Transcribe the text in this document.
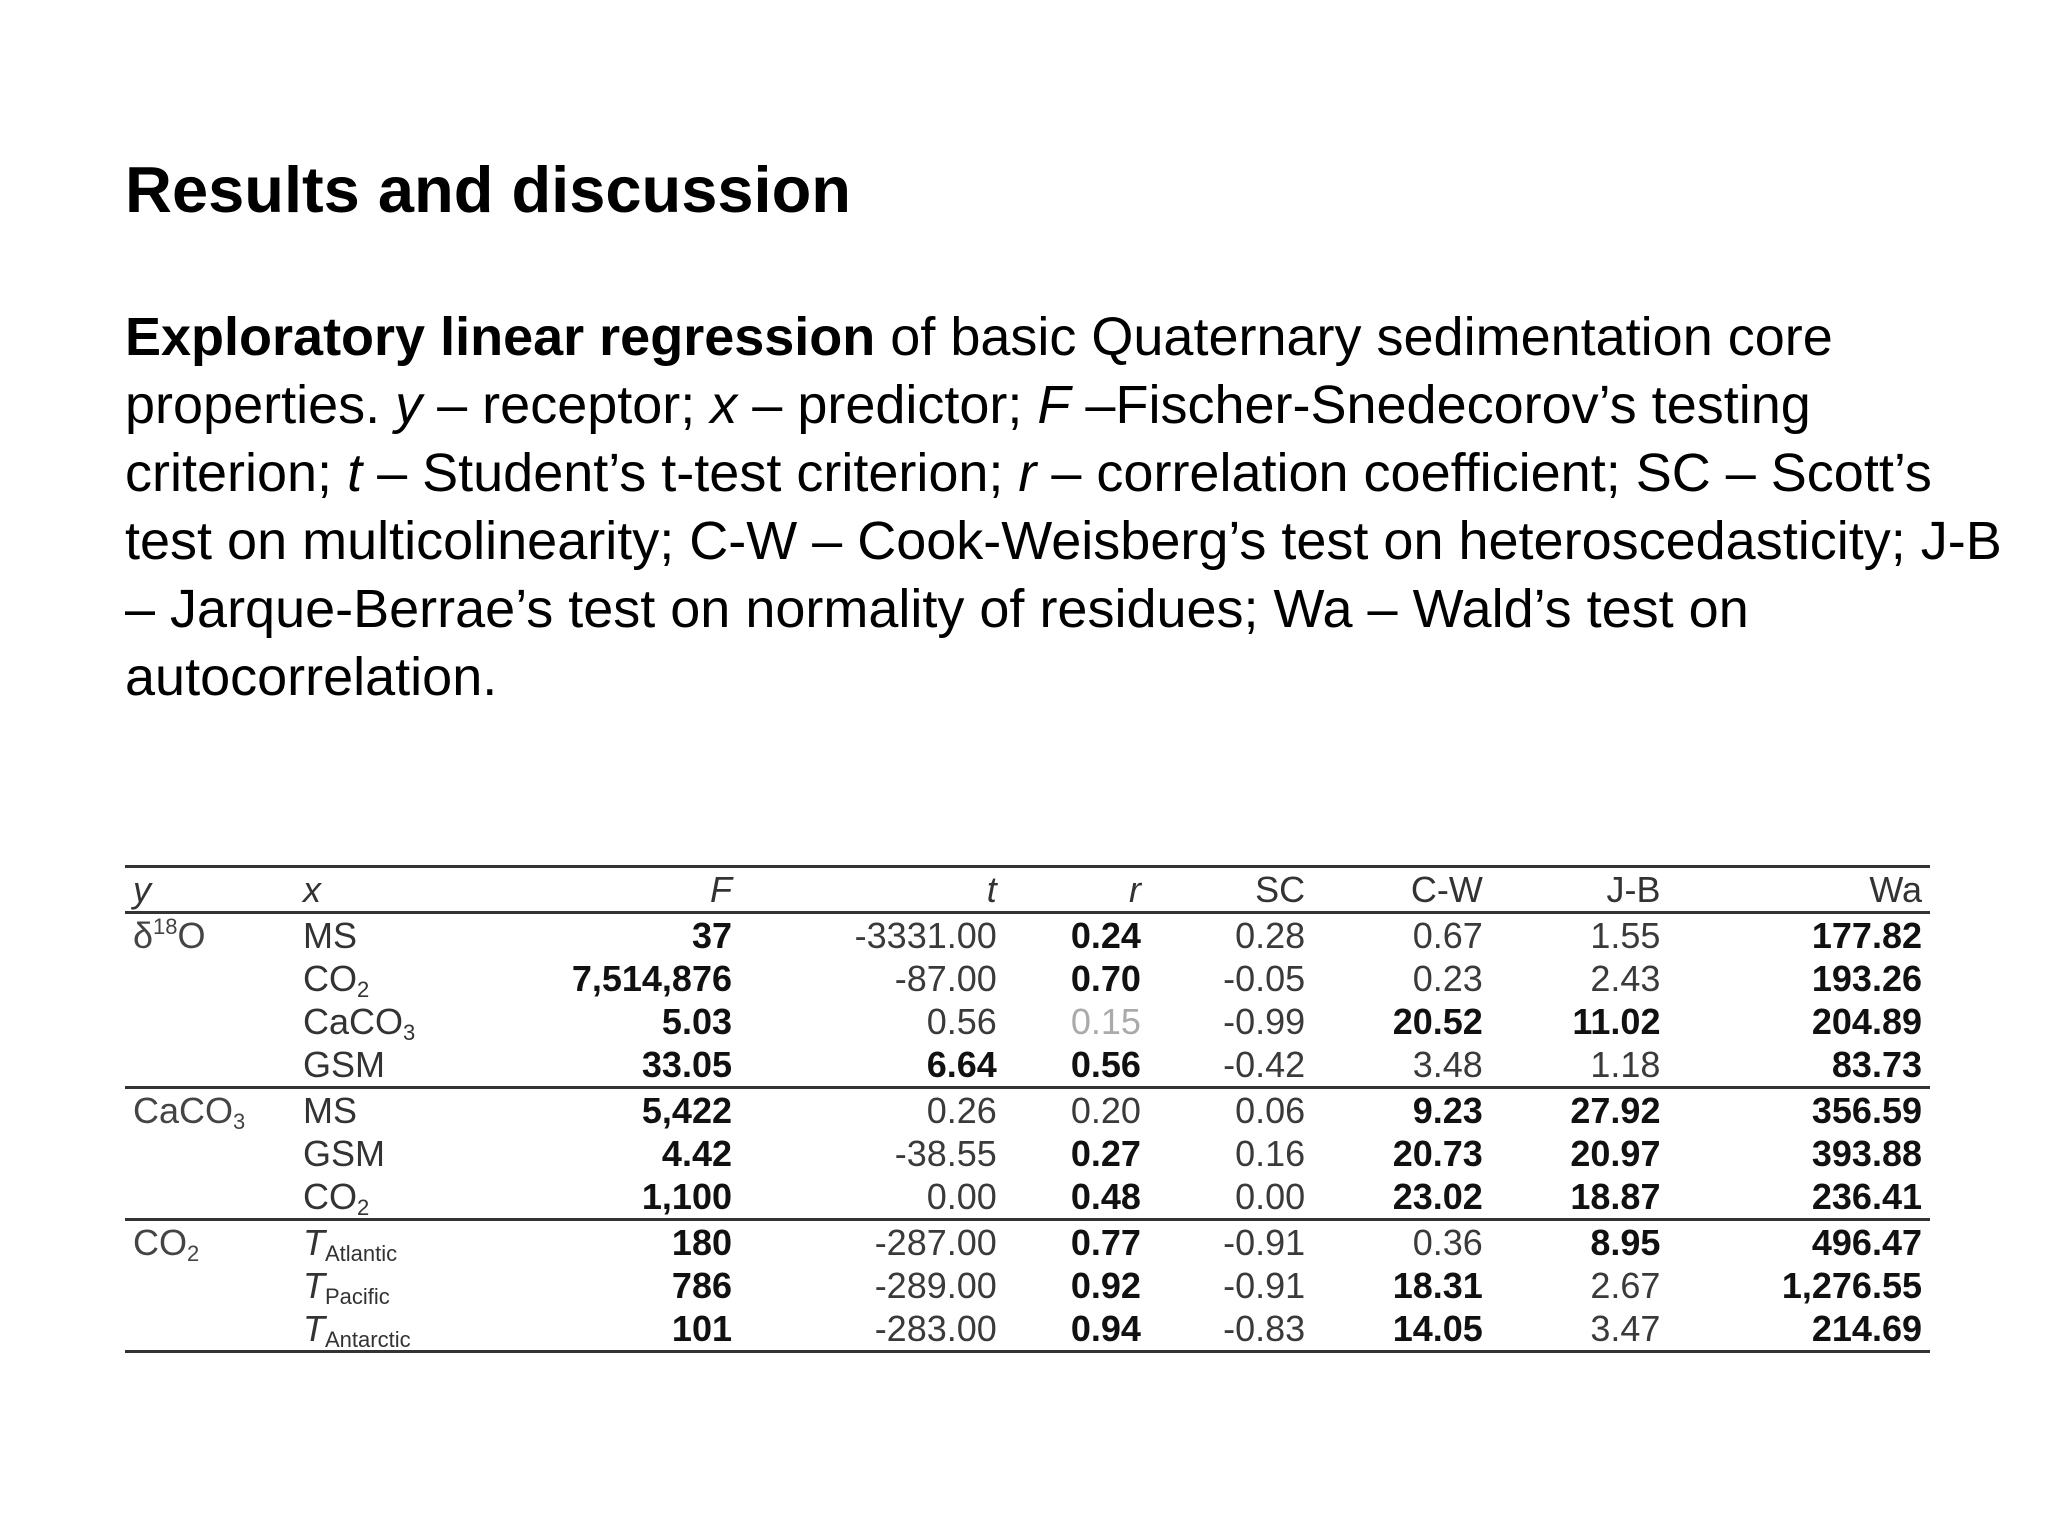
Results and discussion

Exploratory linear regression of basic Quaternary sedimentation core properties. y – receptor; x – predictor; F –Fischer-Snedecorov’s testing criterion; t – Student’s t-test criterion; r – correlation coefficient; SC – Scott’s test on multicolinearity; C-W – Cook-Weisberg’s test on heteroscedasticity; J-B – Jarque-Berrae’s test on normality of residues; Wa – Wald’s test on autocorrelation.

y	x	F	t	r	SC	C-W	J-B	Wa
$\delta^{18}O$	MS	37	-3331.00	0.24	0.28	0.67	1.55	177.82
	$CO_2$	7,514,876	-87.00	0.70	-0.05	0.23	2.43	193.26
	CaCO$_3$	5.03	0.56	0.15	-0.99	20.52	11.02	204.89
	GSM	33.05	6.64	0.56	-0.42	3.48	1.18	83.73
CaCO$_3$	MS	5,422	0.26	0.20	0.06	9.23	27.92	356.59
	GSM	4.42	-38.55	0.27	0.16	20.73	20.97	393.88
	$CO_2$	1,100	0.00	0.48	0.00	23.02	18.87	236.41
$CO_2$	$T_{Atlantic}$	180	-287.00	0.77	-0.91	0.36	8.95	496.47
	$T_{Pacific}$	786	-289.00	0.92	-0.91	18.31	2.67	1,276.55
	$T_{Antarctic}$	101	-283.00	0.94	-0.83	14.05	3.47	214.69
